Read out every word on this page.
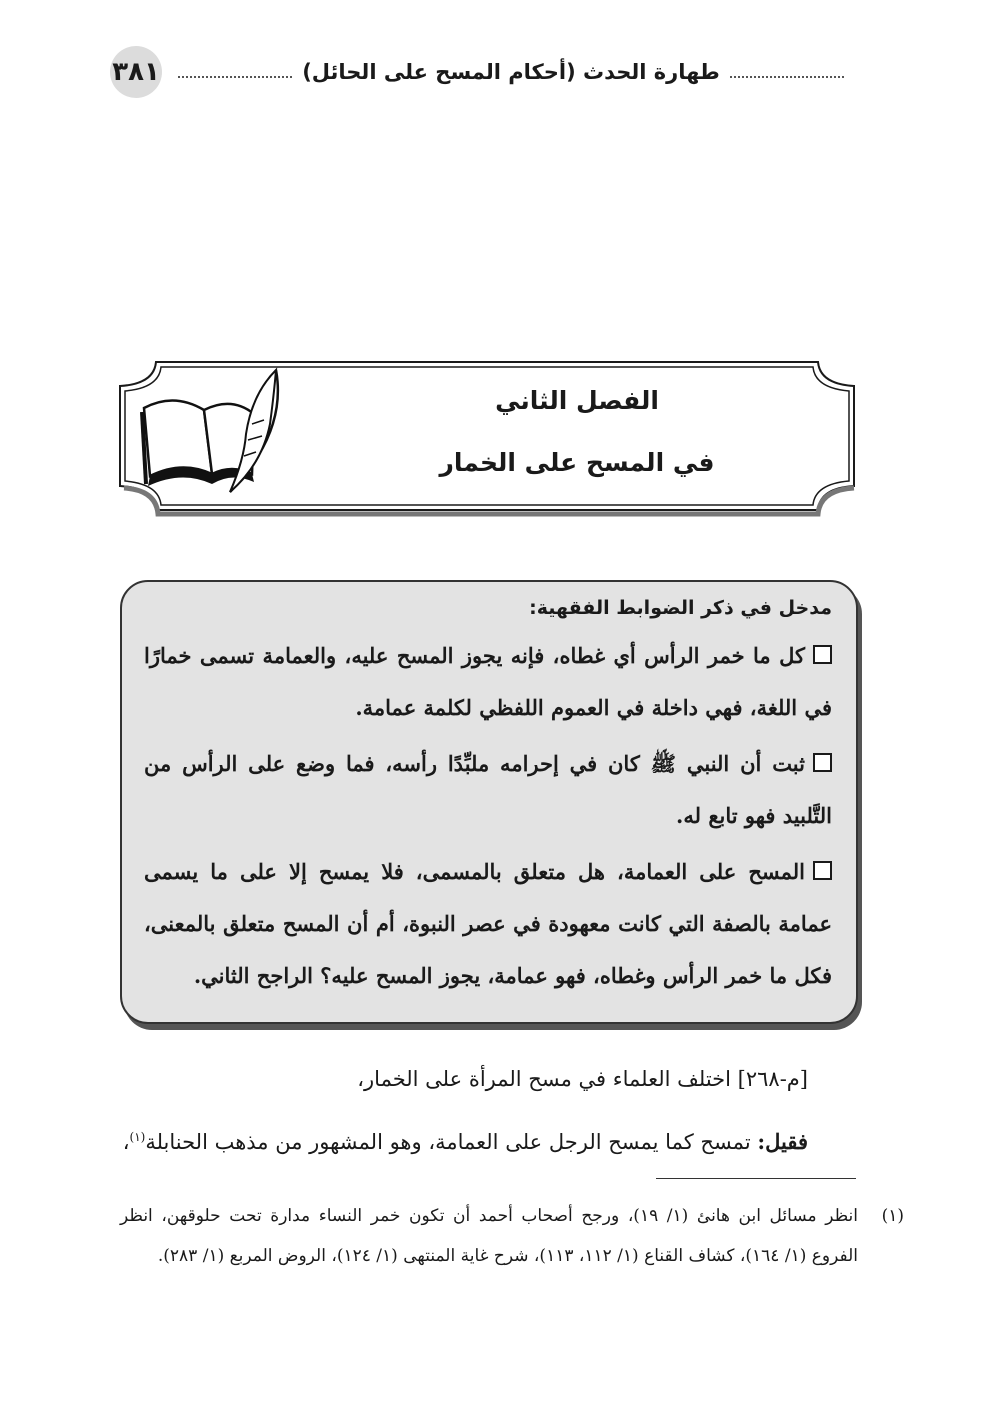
٣٨١	طهارة الحدث (أحكام المسح على الحائل)
الفصل الثاني
في المسح على الخمار
مدخل في ذكر الضوابط الفقهية:

كل ما خمر الرأس أي غطاه، فإنه يجوز المسح عليه، والعمامة تسمى خمارًا في اللغة، فهي داخلة في العموم اللفظي لكلمة عمامة.

ثبت أن النبي ﷺ كان في إحرامه ملبِّدًا رأسه، فما وضع على الرأس من التَّلبيد فهو تابع له.

المسح على العمامة، هل متعلق بالمسمى، فلا يمسح إلا على ما يسمى عمامة بالصفة التي كانت معهودة في عصر النبوة، أم أن المسح متعلق بالمعنى، فكل ما خمر الرأس وغطاه، فهو عمامة، يجوز المسح عليه؟ الراجح الثاني.

[م-٢٦٨] اختلف العلماء في مسح المرأة على الخمار،

فقيل: تمسح كما يمسح الرجل على العمامة، وهو المشهور من مذهب الحنابلة$^{(١)}$،

(١)
انظر مسائل ابن هانئ (١/ ١٩)، ورجح أصحاب أحمد أن تكون خمر النساء مدارة تحت حلوقهن، انظر الفروع (١/ ١٦٤)، كشاف القناع (١/ ١١٢، ١١٣)، شرح غاية المنتهى (١/ ١٢٤)، الروض المربع (١/ ٢٨٣).
